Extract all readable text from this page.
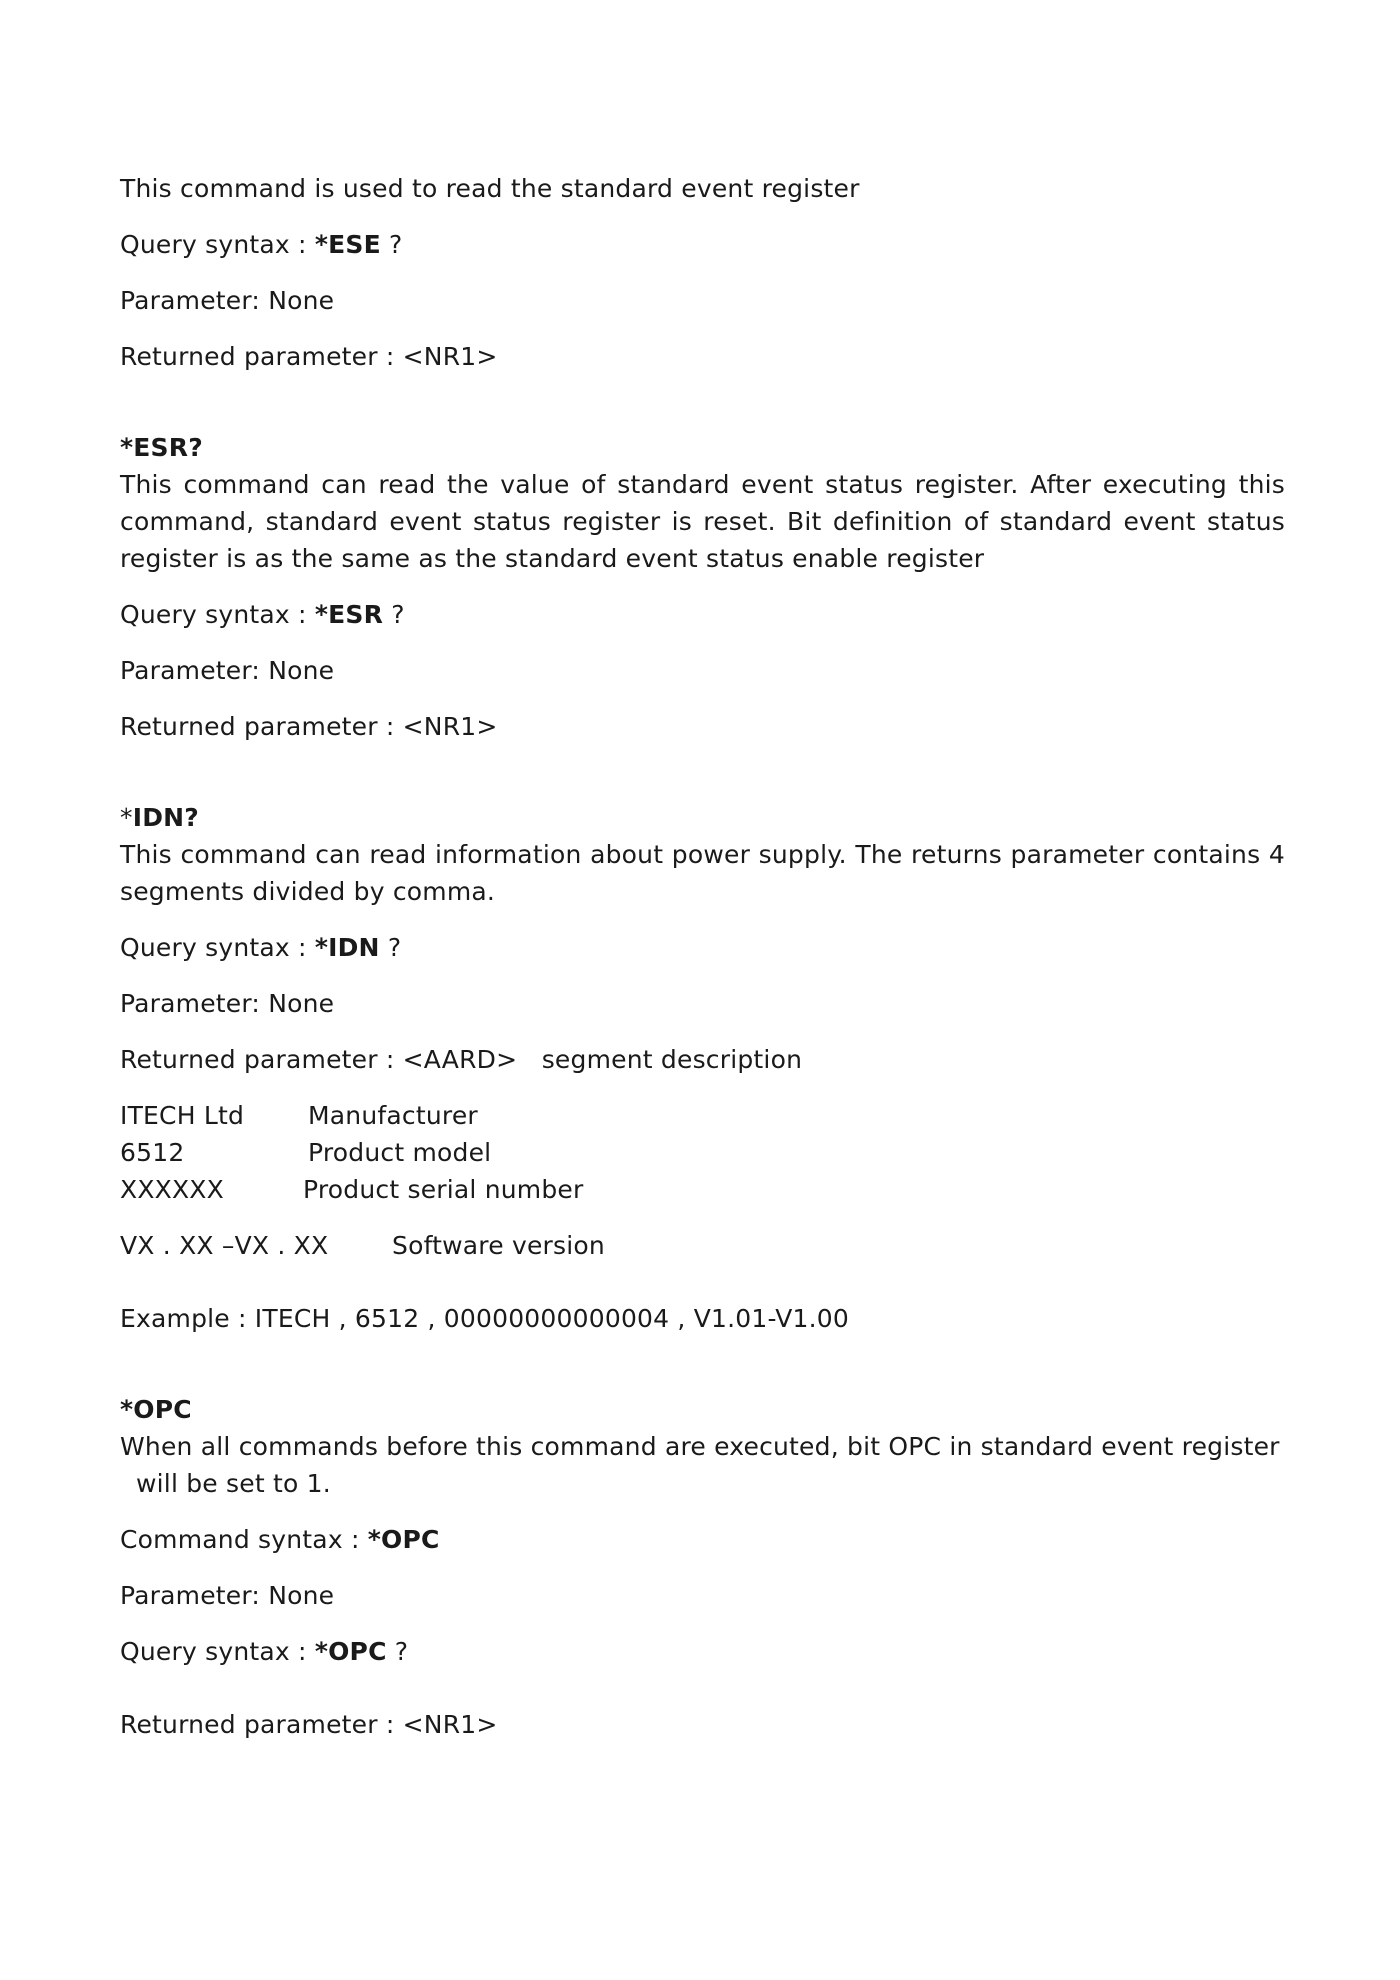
This command is used to read the standard event register

Query syntax : *ESE ?

Parameter: None

Returned parameter : <NR1>

*ESR?

This command can read the value of standard event status register. After executing this command, standard event status register is reset. Bit definition of standard event status register is as the same as the standard event status enable register

Query syntax : *ESR ?

Parameter: None

Returned parameter : <NR1>

*IDN?

This command can read information about power supply. The returns parameter contains 4 segments divided by comma.

Query syntax : *IDN ?

Parameter: None

Returned parameter : <AARD>   segment description

ITECH Ltd	Manufacturer
6512	Product model
XXXXXX	Product serial number
VX . XX –VX . XX	Software version

Example : ITECH , 6512 , 00000000000004 , V1.01-V1.00

*OPC

When all commands before this command are executed, bit OPC in standard event register

will be set to 1.

Command syntax : *OPC

Parameter: None

Query syntax : *OPC ?

Returned parameter : <NR1>
